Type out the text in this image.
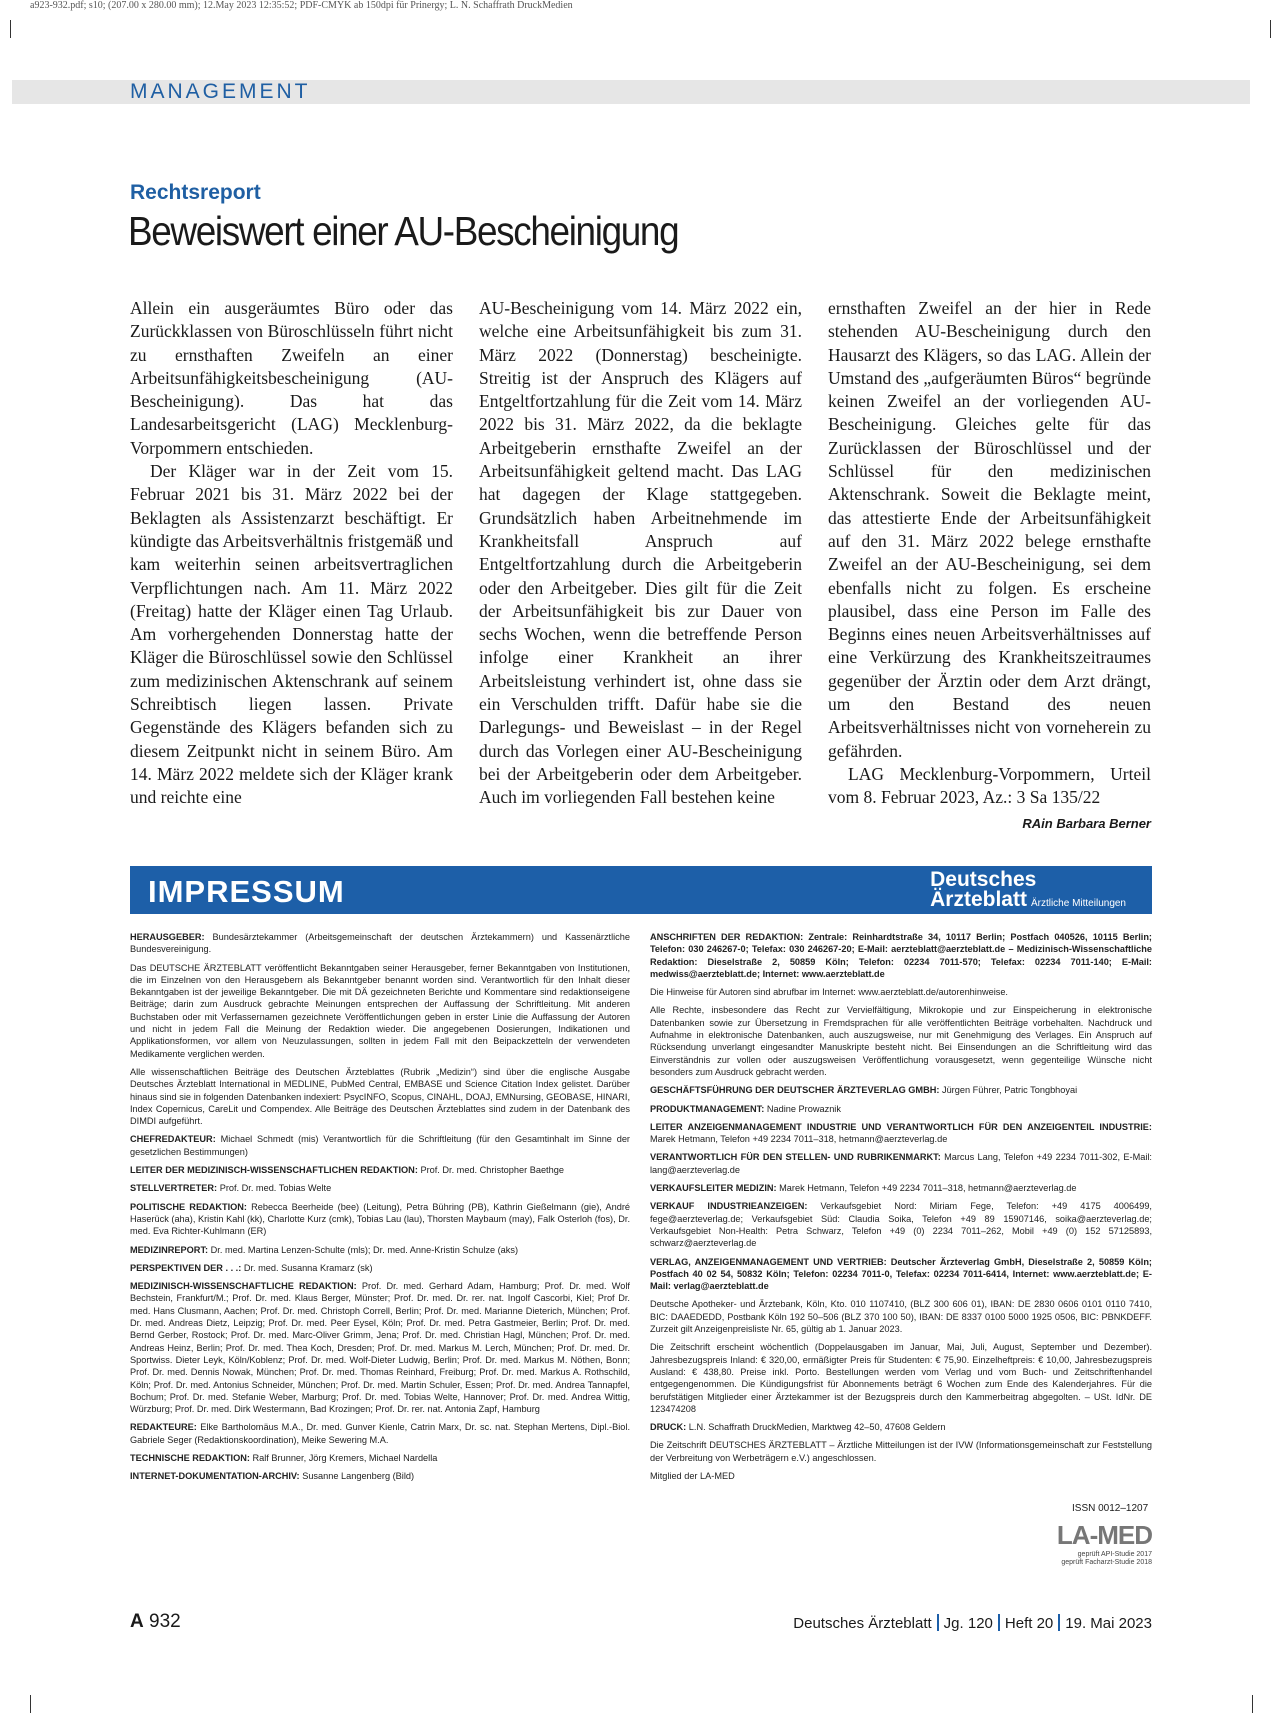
a923-932.pdf; s10; (207.00 x 280.00 mm); 12.May 2023 12:35:52; PDF-CMYK ab 150dpi für Prinergy; L. N. Schaffrath DruckMedien
MANAGEMENT
Rechtsreport
Beweiswert einer AU-Bescheinigung

Allein ein ausgeräumtes Büro oder das Zurückklassen von Büroschlüsseln führt nicht zu ernsthaften Zweifeln an einer Arbeitsunfähigkeitsbescheinigung (AU-Bescheinigung). Das hat das Landesarbeitsgericht (LAG) Mecklenburg-Vorpommern entschieden.

Der Kläger war in der Zeit vom 15. Februar 2021 bis 31. März 2022 bei der Beklagten als Assistenzarzt beschäftigt. Er kündigte das Arbeitsverhältnis fristgemäß und kam weiterhin seinen arbeitsvertraglichen Verpflichtungen nach. Am 11. März 2022 (Freitag) hatte der Kläger einen Tag Urlaub. Am vorhergehenden Donnerstag hatte der Kläger die Büroschlüssel sowie den Schlüssel zum medizinischen Aktenschrank auf seinem Schreibtisch liegen lassen. Private Gegenstände des Klägers befanden sich zu diesem Zeitpunkt nicht in seinem Büro. Am 14. März 2022 meldete sich der Kläger krank und reichte eine

AU-Bescheinigung vom 14. März 2022 ein, welche eine Arbeitsunfähigkeit bis zum 31. März 2022 (Donnerstag) bescheinigte. Streitig ist der Anspruch des Klägers auf Entgeltfortzahlung für die Zeit vom 14. März 2022 bis 31. März 2022, da die beklagte Arbeitgeberin ernsthafte Zweifel an der Arbeitsunfähigkeit geltend macht. Das LAG hat dagegen der Klage stattgegeben. Grundsätzlich haben Arbeitnehmende im Krankheitsfall Anspruch auf Entgeltfortzahlung durch die Arbeitgeberin oder den Arbeitgeber. Dies gilt für die Zeit der Arbeitsunfähigkeit bis zur Dauer von sechs Wochen, wenn die betreffende Person infolge einer Krankheit an ihrer Arbeitsleistung verhindert ist, ohne dass sie ein Verschulden trifft. Dafür habe sie die Darlegungs- und Beweislast – in der Regel durch das Vorlegen einer AU-Bescheinigung bei der Arbeitgeberin oder dem Arbeitgeber. Auch im vorliegenden Fall bestehen keine

ernsthaften Zweifel an der hier in Rede stehenden AU-Bescheinigung durch den Hausarzt des Klägers, so das LAG. Allein der Umstand des „aufgeräumten Büros“ begründe keinen Zweifel an der vorliegenden AU-Bescheinigung. Gleiches gelte für das Zurücklassen der Büroschlüssel und der Schlüssel für den medizinischen Aktenschrank. Soweit die Beklagte meint, das attestierte Ende der Arbeitsunfähigkeit auf den 31. März 2022 belege ernsthafte Zweifel an der AU-Bescheinigung, sei dem ebenfalls nicht zu folgen. Es erscheine plausibel, dass eine Person im Falle des Beginns eines neuen Arbeitsverhältnisses auf eine Verkürzung des Krankheitszeitraumes gegenüber der Ärztin oder dem Arzt drängt, um den Bestand des neuen Arbeitsverhältnisses nicht von vorneherein zu gefährden.

LAG Mecklenburg-Vorpommern, Urteil vom 8. Februar 2023, Az.: 3 Sa 135/22

RAin Barbara Berner
IMPRESSUM	Deutsches
Ärzteblatt Ärztliche Mitteilungen
HERAUSGEBER: Bundesärztekammer (Arbeitsgemeinschaft der deutschen Ärztekammern) und Kassenärztliche Bundesvereinigung.
Das DEUTSCHE ÄRZTEBLATT veröffentlicht Bekanntgaben seiner Herausgeber, ferner Bekanntgaben von Institutionen, die im Einzelnen von den Herausgebern als Bekanntgeber benannt worden sind. Verantwortlich für den Inhalt dieser Bekanntgaben ist der jeweilige Bekanntgeber. Die mit DÄ gezeichneten Berichte und Kommentare sind redaktionseigene Beiträge; darin zum Ausdruck gebrachte Meinungen entsprechen der Auffassung der Schriftleitung. Mit anderen Buchstaben oder mit Verfassernamen gezeichnete Veröffentlichungen geben in erster Linie die Auffassung der Autoren und nicht in jedem Fall die Meinung der Redaktion wieder. Die angegebenen Dosierungen, Indikationen und Applikationsformen, vor allem von Neuzulassungen, sollten in jedem Fall mit den Beipackzetteln der verwendeten Medikamente verglichen werden.
Alle wissenschaftlichen Beiträge des Deutschen Ärzteblattes (Rubrik „Medizin“) sind über die englische Ausgabe Deutsches Ärzteblatt International in MEDLINE, PubMed Central, EMBASE und Science Citation Index gelistet. Darüber hinaus sind sie in folgenden Datenbanken indexiert: PsycINFO, Scopus, CINAHL, DOAJ, EMNursing, GEOBASE, HINARI, Index Copernicus, CareLit und Compendex. Alle Beiträge des Deutschen Ärzteblattes sind zudem in der Datenbank des DIMDI aufgeführt.
CHEFREDAKTEUR: Michael Schmedt (mis) Verantwortlich für die Schriftleitung (für den Gesamtinhalt im Sinne der gesetzlichen Bestimmungen)
LEITER DER MEDIZINISCH-WISSENSCHAFTLICHEN REDAKTION: Prof. Dr. med. Christopher Baethge
STELLVERTRETER: Prof. Dr. med. Tobias Welte
POLITISCHE REDAKTION: Rebecca Beerheide (bee) (Leitung), Petra Bühring (PB), Kathrin Gießelmann (gie), André Haserück (aha), Kristin Kahl (kk), Charlotte Kurz (cmk), Tobias Lau (lau), Thorsten Maybaum (may), Falk Osterloh (fos), Dr. med. Eva Richter-Kuhlmann (ER)
MEDIZINREPORT: Dr. med. Martina Lenzen-Schulte (mls); Dr. med. Anne-Kristin Schulze (aks)
PERSPEKTIVEN DER . . .: Dr. med. Susanna Kramarz (sk)
MEDIZINISCH-WISSENSCHAFTLICHE REDAKTION: Prof. Dr. med. Gerhard Adam, Hamburg; Prof. Dr. med. Wolf Bechstein, Frankfurt/M.; Prof. Dr. med. Klaus Berger, Münster; Prof. Dr. med. Dr. rer. nat. Ingolf Cascorbi, Kiel; Prof Dr. med. Hans Clusmann, Aachen; Prof. Dr. med. Christoph Correll, Berlin; Prof. Dr. med. Marianne Dieterich, München; Prof. Dr. med. Andreas Dietz, Leipzig; Prof. Dr. med. Peer Eysel, Köln; Prof. Dr. med. Petra Gastmeier, Berlin; Prof. Dr. med. Bernd Gerber, Rostock; Prof. Dr. med. Marc-Oliver Grimm, Jena; Prof. Dr. med. Christian Hagl, München; Prof. Dr. med. Andreas Heinz, Berlin; Prof. Dr. med. Thea Koch, Dresden; Prof. Dr. med. Markus M. Lerch, München; Prof. Dr. med. Dr. Sportwiss. Dieter Leyk, Köln/Koblenz; Prof. Dr. med. Wolf-Dieter Ludwig, Berlin; Prof. Dr. med. Markus M. Nöthen, Bonn; Prof. Dr. med. Dennis Nowak, München; Prof. Dr. med. Thomas Reinhard, Freiburg; Prof. Dr. med. Markus A. Rothschild, Köln; Prof. Dr. med. Antonius Schneider, München; Prof. Dr. med. Martin Schuler, Essen; Prof. Dr. med. Andrea Tannapfel, Bochum; Prof. Dr. med. Stefanie Weber, Marburg; Prof. Dr. med. Tobias Welte, Hannover; Prof. Dr. med. Andrea Wittig, Würzburg; Prof. Dr. med. Dirk Westermann, Bad Krozingen; Prof. Dr. rer. nat. Antonia Zapf, Hamburg
REDAKTEURE: Elke Bartholomäus M.A., Dr. med. Gunver Kienle, Catrin Marx, Dr. sc. nat. Stephan Mertens, Dipl.-Biol. Gabriele Seger (Redaktionskoordination), Meike Sewering M.A.
TECHNISCHE REDAKTION: Ralf Brunner, Jörg Kremers, Michael Nardella
INTERNET-DOKUMENTATION-ARCHIV: Susanne Langenberg (Bild)
ANSCHRIFTEN DER REDAKTION: Zentrale: Reinhardtstraße 34, 10117 Berlin; Postfach 040526, 10115 Berlin; Telefon: 030 246267-0; Telefax: 030 246267-20; E-Mail: aerzteblatt@aerzteblatt.de – Medizinisch-Wissenschaftliche Redaktion: Dieselstraße 2, 50859 Köln; Telefon: 02234 7011-570; Telefax: 02234 7011-140; E-Mail: medwiss@aerzteblatt.de; Internet: www.aerzteblatt.de
Die Hinweise für Autoren sind abrufbar im Internet: www.aerzteblatt.de/autorenhinweise.
Alle Rechte, insbesondere das Recht zur Vervielfältigung, Mikrokopie und zur Einspeicherung in elektronische Datenbanken sowie zur Übersetzung in Fremdsprachen für alle veröffentlichten Beiträge vorbehalten. Nachdruck und Aufnahme in elektronische Datenbanken, auch auszugsweise, nur mit Genehmigung des Verlages. Ein Anspruch auf Rücksendung unverlangt eingesandter Manuskripte besteht nicht. Bei Einsendungen an die Schriftleitung wird das Einverständnis zur vollen oder auszugsweisen Veröffentlichung vorausgesetzt, wenn gegenteilige Wünsche nicht besonders zum Ausdruck gebracht werden.
GESCHÄFTSFÜHRUNG DER DEUTSCHER ÄRZTEVERLAG GMBH: Jürgen Führer, Patric Tongbhoyai
PRODUKTMANAGEMENT: Nadine Prowaznik
LEITER ANZEIGENMANAGEMENT INDUSTRIE UND VERANTWORTLICH FÜR DEN ANZEIGENTEIL INDUSTRIE: Marek Hetmann, Telefon +49 2234 7011–318, hetmann@aerzteverlag.de
VERANTWORTLICH FÜR DEN STELLEN- UND RUBRIKENMARKT: Marcus Lang, Telefon +49 2234 7011-302, E-Mail: lang@aerzteverlag.de
VERKAUFSLEITER MEDIZIN: Marek Hetmann, Telefon +49 2234 7011–318, hetmann@aerzteverlag.de
VERKAUF INDUSTRIEANZEIGEN: Verkaufsgebiet Nord: Miriam Fege, Telefon: +49 4175 4006499, fege@aerzteverlag.de; Verkaufsgebiet Süd: Claudia Soika, Telefon +49 89 15907146, soika@aerzteverlag.de; Verkaufsgebiet Non-Health: Petra Schwarz, Telefon +49 (0) 2234 7011–262, Mobil +49 (0) 152 57125893, schwarz@aerzteverlag.de
VERLAG, ANZEIGENMANAGEMENT UND VERTRIEB: Deutscher Ärzteverlag GmbH, Dieselstraße 2, 50859 Köln; Postfach 40 02 54, 50832 Köln; Telefon: 02234 7011-0, Telefax: 02234 7011-6414, Internet: www.aerzteblatt.de; E-Mail: verlag@aerzteblatt.de
Deutsche Apotheker- und Ärztebank, Köln, Kto. 010 1107410, (BLZ 300 606 01), IBAN: DE 2830 0606 0101 0110 7410, BIC: DAAEDEDD, Postbank Köln 192 50–506 (BLZ 370 100 50), IBAN: DE 8337 0100 5000 1925 0506, BIC: PBNKDEFF. Zurzeit gilt Anzeigenpreisliste Nr. 65, gültig ab 1. Januar 2023.
Die Zeitschrift erscheint wöchentlich (Doppelausgaben im Januar, Mai, Juli, August, September und Dezember). Jahresbezugspreis Inland: € 320,00, ermäßigter Preis für Studenten: € 75,90. Einzelheftpreis: € 10,00, Jahresbezugspreis Ausland: € 438,80. Preise inkl. Porto. Bestellungen werden vom Verlag und vom Buch- und Zeitschriftenhandel entgegengenommen. Die Kündigungsfrist für Abonnements beträgt 6 Wochen zum Ende des Kalenderjahres. Für die berufstätigen Mitglieder einer Ärztekammer ist der Bezugspreis durch den Kammerbeitrag abgegolten. – USt. IdNr. DE 123474208
DRUCK: L.N. Schaffrath DruckMedien, Marktweg 42–50, 47608 Geldern
Die Zeitschrift DEUTSCHES ÄRZTEBLATT – Ärztliche Mitteilungen ist der IVW (Informationsgemeinschaft zur Feststellung der Verbreitung von Werbeträgern e.V.) angeschlossen.
Mitglied der LA-MED
ISSN 0012–1207
LA-MED
geprüft API-Studie 2017
geprüft Facharzt-Studie 2018
A 932	Deutsches Ärzteblatt Jg. 120 Heft 20 19. Mai 2023
